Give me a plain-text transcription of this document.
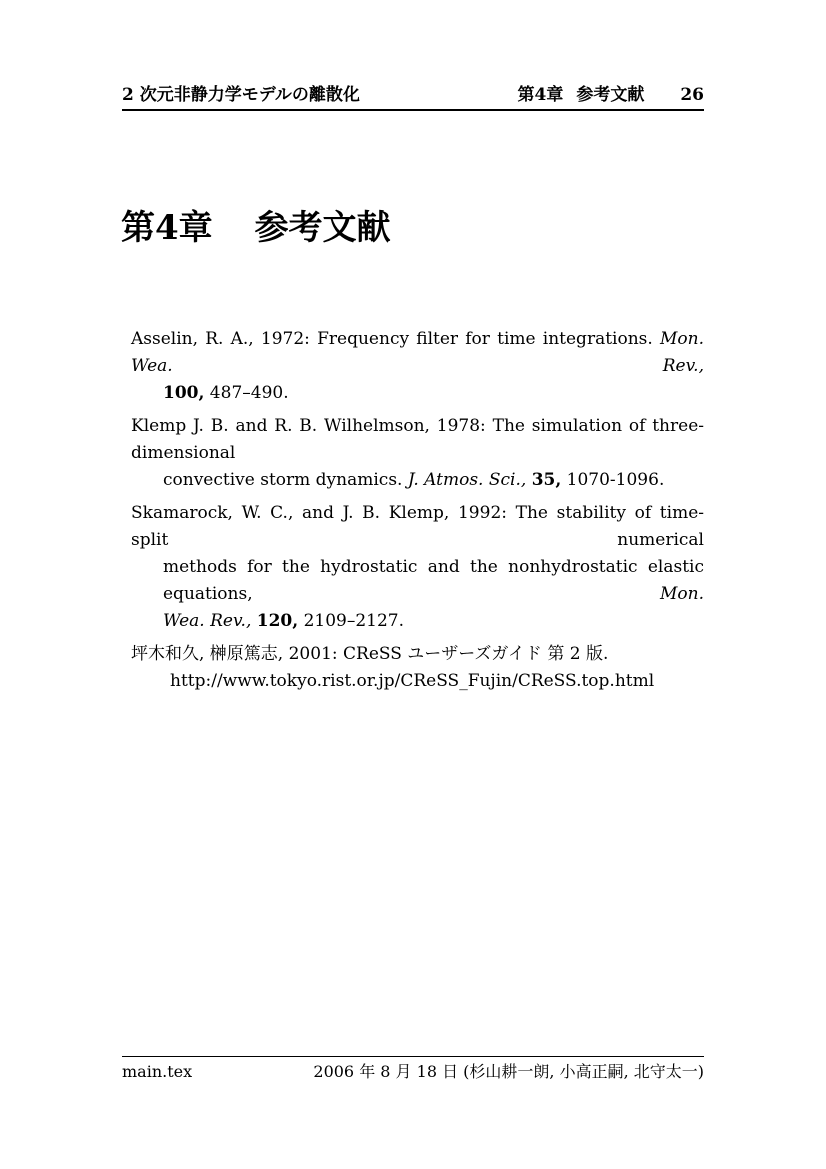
2 次元非静力学モデルの離散化	第4章 参考文献 26
第4章 参考文献
Asselin, R. A., 1972: Frequency filter for time integrations. Mon. Wea. Rev.,
100, 487–490.
Klemp J. B. and R. B. Wilhelmson, 1978: The simulation of three-dimensional
convective storm dynamics. J. Atmos. Sci., 35, 1070-1096.
Skamarock, W. C., and J. B. Klemp, 1992: The stability of time-split numerical
methods for the hydrostatic and the nonhydrostatic elastic equations, Mon.
Wea. Rev., 120, 2109–2127.
坪木和久, 榊原篤志, 2001: CReSS ユーザーズガイド 第 2 版.
http://www.tokyo.rist.or.jp/CReSS_Fujin/CReSS.top.html
main.tex	2006 年 8 月 18 日 (杉山耕一朗, 小高正嗣, 北守太一)
